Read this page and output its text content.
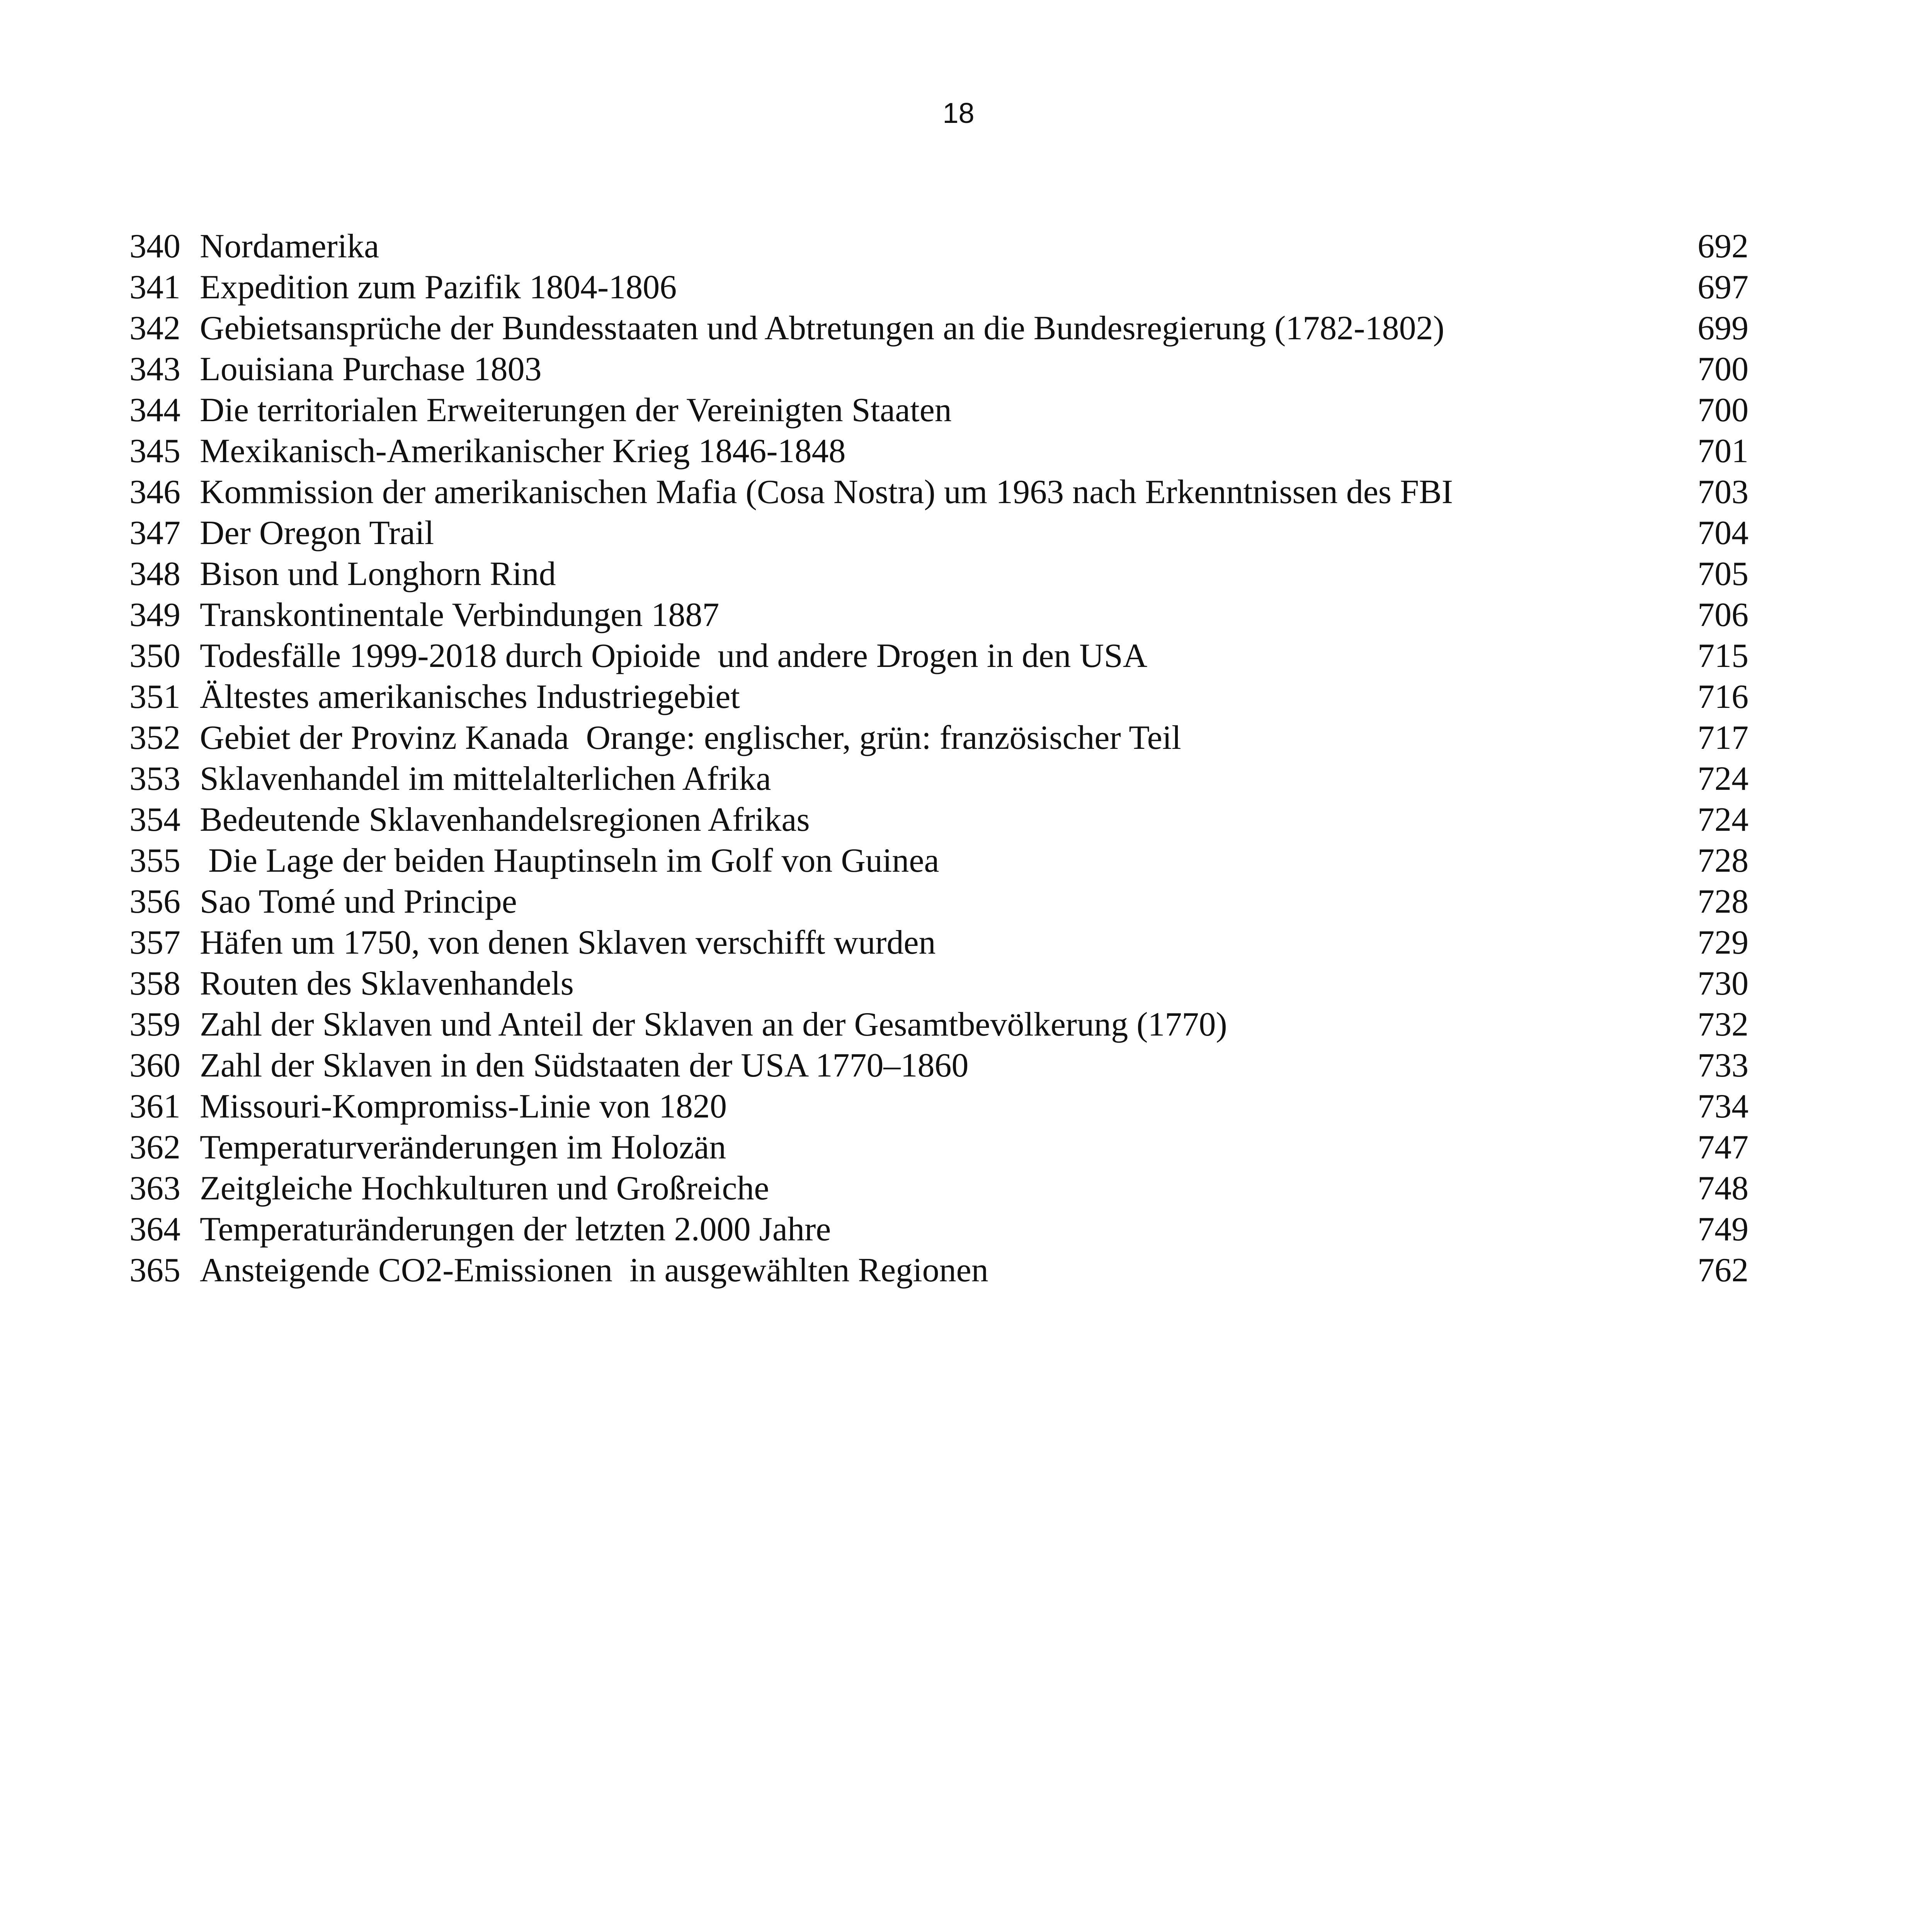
18
340 Nordamerika	692
341 Expedition zum Pazifik 1804-1806	697
342 Gebietsansprüche der Bundesstaaten und Abtretungen an die Bundesregierung (1782-1802)	699
343 Louisiana Purchase 1803	700
344 Die territorialen Erweiterungen der Vereinigten Staaten	700
345 Mexikanisch-Amerikanischer Krieg 1846-1848	701
346 Kommission der amerikanischen Mafia (Cosa Nostra) um 1963 nach Erkenntnissen des FBI	703
347 Der Oregon Trail	704
348 Bison und Longhorn Rind	705
349 Transkontinentale Verbindungen 1887	706
350 Todesfälle 1999-2018 durch Opioide  und andere Drogen in den USA	715
351 Ältestes amerikanisches Industriegebiet	716
352 Gebiet der Provinz Kanada  Orange: englischer, grün: französischer Teil	717
353 Sklavenhandel im mittelalterlichen Afrika	724
354 Bedeutende Sklavenhandelsregionen Afrikas	724
355 Die Lage der beiden Hauptinseln im Golf von Guinea	728
356 Sao Tomé und Principe	728
357 Häfen um 1750, von denen Sklaven verschifft wurden	729
358 Routen des Sklavenhandels	730
359 Zahl der Sklaven und Anteil der Sklaven an der Gesamtbevölkerung (1770)	732
360 Zahl der Sklaven in den Südstaaten der USA 1770–1860	733
361 Missouri-Kompromiss-Linie von 1820	734
362 Temperaturveränderungen im Holozän	747
363 Zeitgleiche Hochkulturen und Großreiche	748
364 Temperaturänderungen der letzten 2.000 Jahre	749
365 Ansteigende CO2-Emissionen  in ausgewählten Regionen	762
